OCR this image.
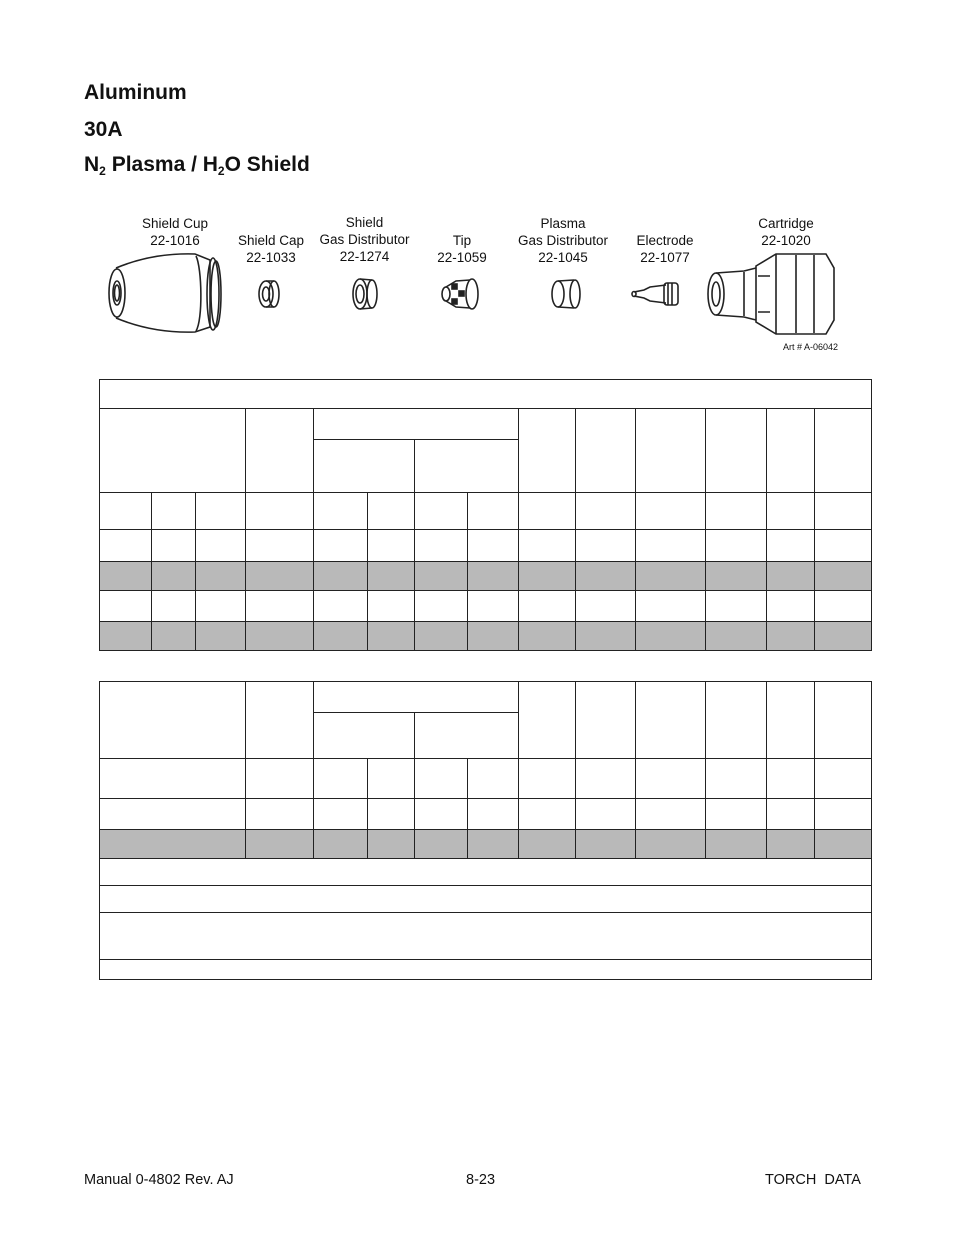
Aluminum
30A
$N_2$ Plasma / $H_2O$ Shield
Shield Cup
22-1016	Shield Cap
22-1033
Shield
Gas Distributor
22-1274
Tip
22-1059
Plasma
Gas Distributor
22-1045
Electrode
22-1077
Cartridge
22-1020
Art # A-06042

Manual 0-4802 Rev. AJ	8-23	TORCH  DATA
